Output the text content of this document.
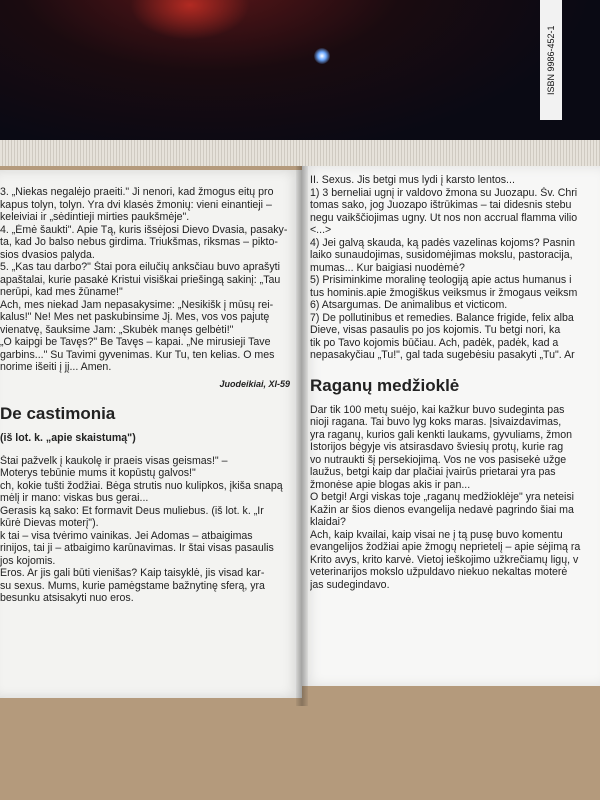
ISBN 9986-452-1
3. „Niekas negalėjo praeiti." Ji nenori, kad žmogus eitų pro
kapus tolyn, tolyn. Yra dvi klasės žmonių: vieni einantieji –
keleiviai ir „sėdintieji mirties paukšmėje".
4. „Ėmė šaukti". Apie Tą, kuris išsėjosi Dievo Dvasia, pasaky-
ta, kad Jo balso nebus girdima. Triukšmas, riksmas – pikto-
sios dvasios palyda.
5. „Kas tau darbo?" Štai pora eilučių anksčiau buvo aprašyti
apaštalai, kurie pasakė Kristui visiškai priešingą sakinį: „Tau
nerūpi, kad mes žūname!"
Ach, mes niekad Jam nepasakysime: „Nesikišk į mūsų rei-
kalus!" Ne! Mes net paskubinsime Jį. Mes, vos vos pajutę
vienatvę, šauksime Jam: „Skubėk manęs gelbėti!"
„O kaipgi be Tavęs?" Be Tavęs – kapai. „Ne mirusieji Tave
garbins..." Su Tavimi gyvenimas. Kur Tu, ten kelias. O mes
norime išeiti į jį... Amen.
Juodeikiai, XI-59
De castimonia
(iš lot. k. „apie skaistumą")
Štai pažvelk į kaukolę ir praeis visas geismas!" –
Moterys tebūnie mums it kopūstų galvos!"
ch, kokie tušti žodžiai. Bėga strutis nuo kulipkos, įkiša snapą
mėlį ir mano: viskas bus gerai...
Gerasis ką sako: Et formavit Deus muliebus. (iš lot. k. „Ir
kūrė Dievas moterį").
k tai – visa tvėrimo vainikas. Jei Adomas – atbaigimas
rinijos, tai ji – atbaigimo karūnavimas. Ir štai visas pasaulis
jos kojomis.
Eros. Ar jis gali būti vienišas? Kaip taisyklė, jis visad kar-
su sexus. Mums, kurie pamėgstame bažnytinę sferą, yra
besunku atsisakyti nuo eros.
II. Sexus. Jis betgi mus lydi į karsto lentos...
1) 3 berneliai ugnį ir valdovo žmona su Juozapu. Šv. Chri
tomas sako, jog Juozapo ištrūkimas – tai didesnis stebu
negu vaikščiojimas ugny. Ut nos non accrual flamma vilio
<...>
4) Jei galvą skauda, ką padės vazelinas kojoms? Pasnin
laiko sunaudojimas, susidomėjimas mokslu, pastoracija,
mumas... Kur baigiasi nuodėmė?
5) Prisiminkime moralinę teologiją apie actus humanus i
tus hominis.apie žmogiškus veiksmus ir žmogaus veiksm
6) Atsargumas. De animalibus et victicom.
7) De pollutinibus et remedies. Balance frigide, felix alba
Dieve, visas pasaulis po jos kojomis. Tu betgi nori, ka
tik po Tavo kojomis būčiau. Ach, padėk, padėk, kad a
nepasakyčiau „Tu!", gal tada sugebėsiu pasakyti „Tu". Ar
Raganų medžioklė
Dar tik 100 metų suėjo, kai kažkur buvo sudeginta pas
nioji ragana. Tai buvo lyg koks maras. Įsivaizdavimas,
yra raganų, kurios gali kenkti laukams, gyvuliams, žmon
Istorijos bėgyje vis atsirasdavo šviesių protų, kurie rag
vo nutraukti šį persekiojimą. Vos ne vos pasisekė užge
laužus, betgi kaip dar plačiai įvairūs prietarai yra pas
žmonėse apie blogas akis ir pan...
O betgi! Argi viskas toje „raganų medžioklėje" yra neteisi
Kažin ar šios dienos evangelija nedavė pagrindo šiai ma
klaidai?
Ach, kaip kvailai, kaip visai ne į tą pusę buvo komentu
evangelijos žodžiai apie žmogų neprietelį – apie sėjimą ra
Krito avys, krito karvė. Vietoj ieškojimo užkrečiamų ligų, v
veterinarijos mokslo užpuldavo niekuo nekaltas moterė
jas sudegindavo.
